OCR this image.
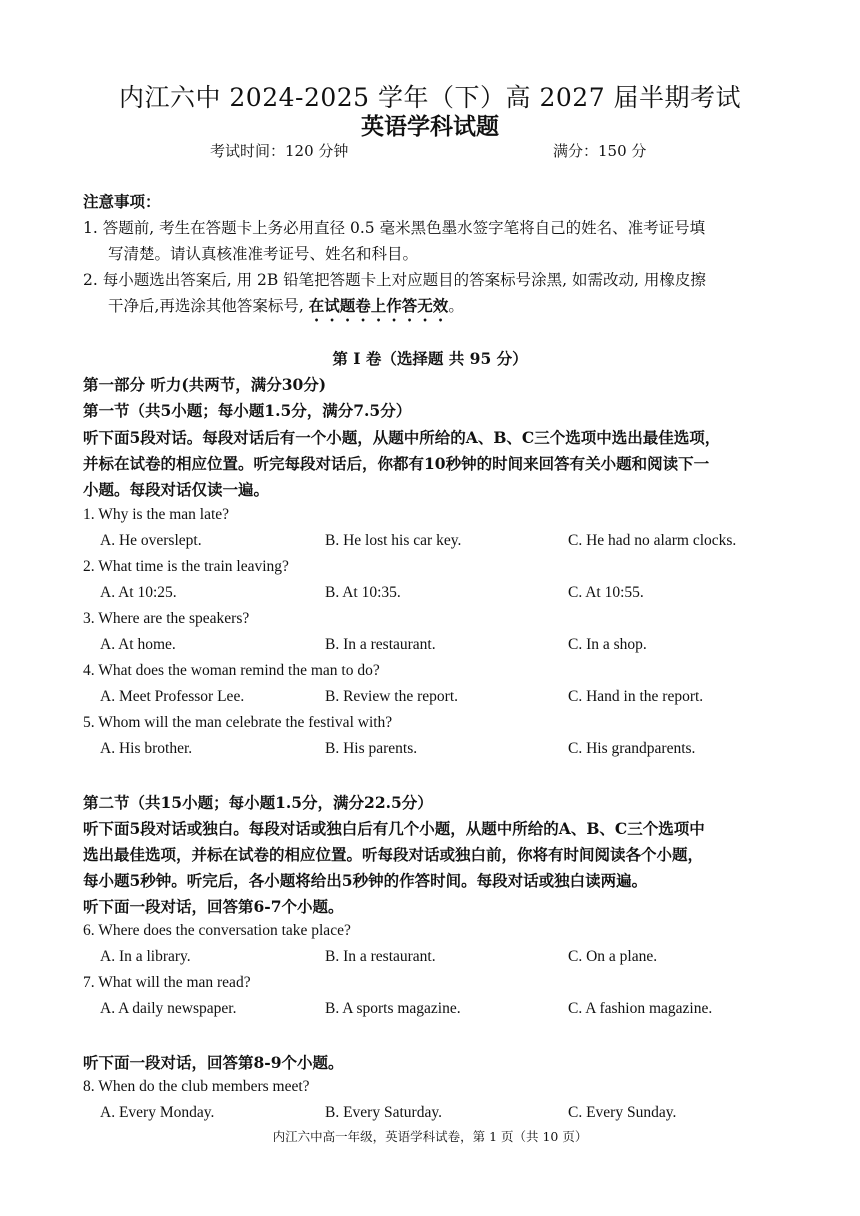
内江六中 2024-2025 学年（下）高 2027 届半期考试
英语学科试题
考试时间：120 分钟	满分：150 分
注意事项：
1. 答题前, 考生在答题卡上务必用直径 0.5 毫米黑色墨水签字笔将自己的姓名、准考证号填
写清楚。请认真核准准考证号、姓名和科目。
2. 每小题选出答案后, 用 2B 铅笔把答题卡上对应题目的答案标号涂黑, 如需改动, 用橡皮擦
干净后,再选涂其他答案标号, 在试题卷上作答无效。
第 I 卷（选择题 共 95 分）
第一部分 听力(共两节，满分30分)
第一节（共5小题；每小题1.5分，满分7.5分）
听下面5段对话。每段对话后有一个小题，从题中所给的A、B、C三个选项中选出最佳选项，
并标在试卷的相应位置。听完每段对话后，你都有10秒钟的时间来回答有关小题和阅读下一
小题。每段对话仅读一遍。
1. Why is the man late?
A. He overslept.	B. He lost his car key.	C. He had no alarm clocks.
2. What time is the train leaving?
A. At 10:25.	B. At 10:35.	C. At 10:55.
3. Where are the speakers?
A. At home.	B. In a restaurant.	C. In a shop.
4. What does the woman remind the man to do?
A. Meet Professor Lee.	B. Review the report.	C. Hand in the report.
5. Whom will the man celebrate the festival with?
A. His brother.	B. His parents.	C. His grandparents.
第二节（共15小题；每小题1.5分，满分22.5分）
听下面5段对话或独白。每段对话或独白后有几个小题，从题中所给的A、B、C三个选项中
选出最佳选项，并标在试卷的相应位置。听每段对话或独白前，你将有时间阅读各个小题，
每小题5秒钟。听完后，各小题将给出5秒钟的作答时间。每段对话或独白读两遍。
听下面一段对话，回答第6-7个小题。
6. Where does the conversation take place?
A. In a library.	B. In a restaurant.	C. On a plane.
7. What will the man read?
A. A daily newspaper.	B. A sports magazine.	C. A fashion magazine.
听下面一段对话，回答第8-9个小题。
8. When do the club members meet?
A. Every Monday.	B. Every Saturday.	C. Every Sunday.
内江六中高一年级，英语学科试卷，第 1 页（共 10 页）
